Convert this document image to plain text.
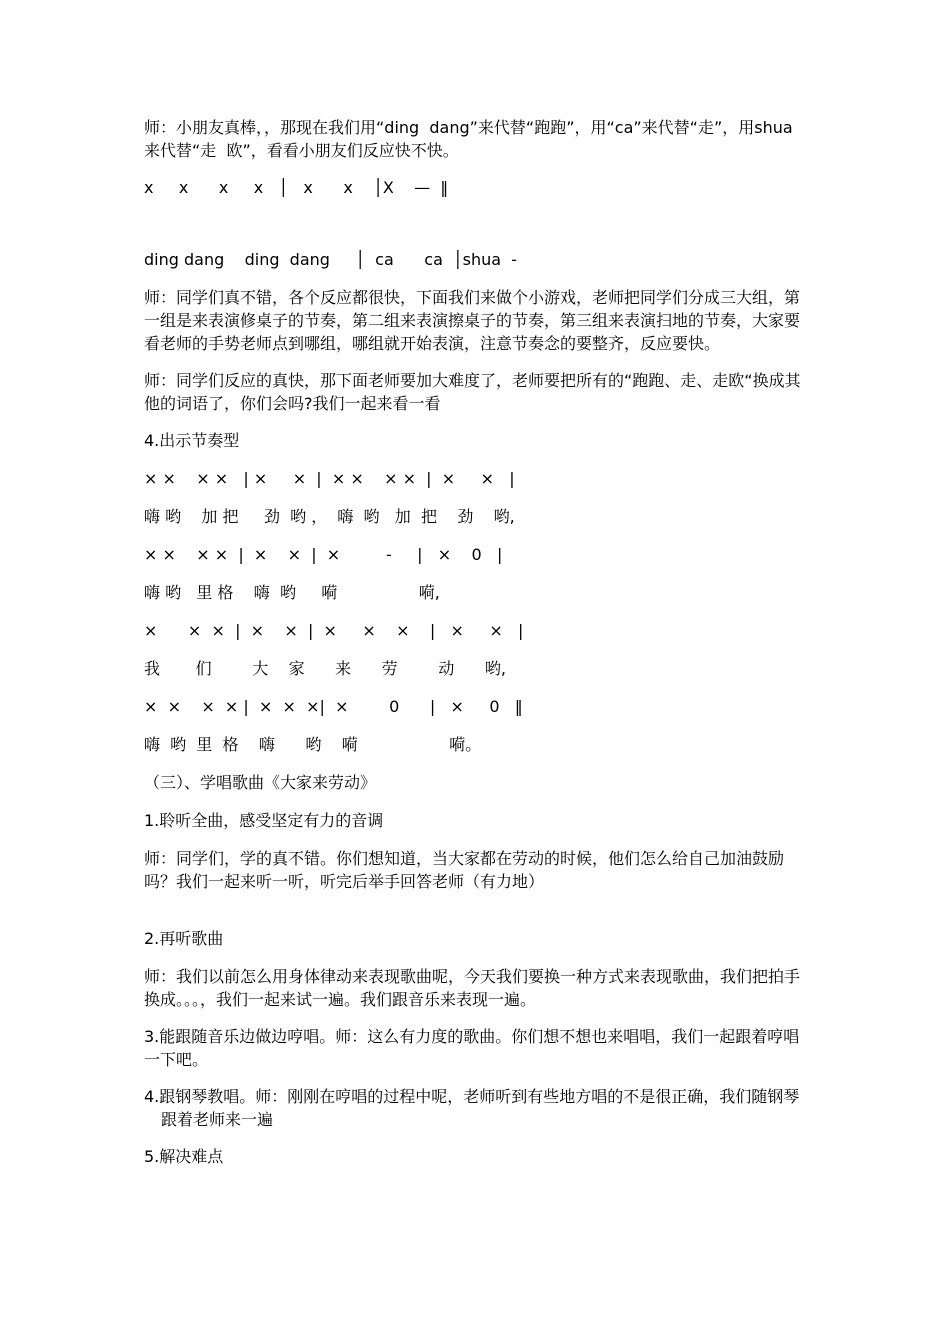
师：小朋友真棒，，那现在我们用“ding  dang”来代替“跑跑”，用“ca”来代替“走”，用shua来代替“走  欧”，看看小朋友们反应快不快。

x     x      x     x   │   x      x    │X    —  ‖
ding dang    ding  dang     │  ca      ca  │shua  -

师：同学们真不错，各个反应都很快，下面我们来做个小游戏，老师把同学们分成三大组，第一组是来表演修桌子的节奏，第二组来表演擦桌子的节奏，第三组来表演扫地的节奏，大家要看老师的手势老师点到哪组，哪组就开始表演，注意节奏念的要整齐，反应要快。

师：同学们反应的真快，那下面老师要加大难度了，老师要把所有的“跑跑、走、走欧“换成其他的词语了，你们会吗?我们一起来看一看

4.出示节奏型
× ×    × ×   | ×     ×  |  × ×    × ×  |  ×     ×   |
嗨 哟    加 把     劲  哟 ，  嗨  哟   加  把    劲    哟,
× ×    × ×  |  ×    ×  |  ×         -     |   ×    0   |
嗨 哟   里 格    嗨  哟     嗬                嗬,
×      ×  ×  |  ×    ×  |  ×     ×    ×    |   ×     ×   |
我       们        大    家      来      劳        动      哟,
×  ×    ×  × |  ×  ×  ×|  ×        0      |   ×     0   ‖
嗨  哟  里  格    嗨      哟    嗬                  嗬。
（三）、学唱歌曲《大家来劳动》
1.聆听全曲，感受坚定有力的音调

师：同学们，学的真不错。你们想知道，当大家都在劳动的时候，他们怎么给自己加油鼓励吗？我们一起来听一听，听完后举手回答老师（有力地）

2.再听歌曲

师：我们以前怎么用身体律动来表现歌曲呢，今天我们要换一种方式来表现歌曲，我们把拍手换成。。。，我们一起来试一遍。我们跟音乐来表现一遍。

3.能跟随音乐边做边哼唱。师：这么有力度的歌曲。你们想不想也来唱唱，我们一起跟着哼唱一下吧。

4.跟钢琴教唱。师：刚刚在哼唱的过程中呢，老师听到有些地方唱的不是很正确，我们随钢琴跟着老师来一遍

5.解决难点
